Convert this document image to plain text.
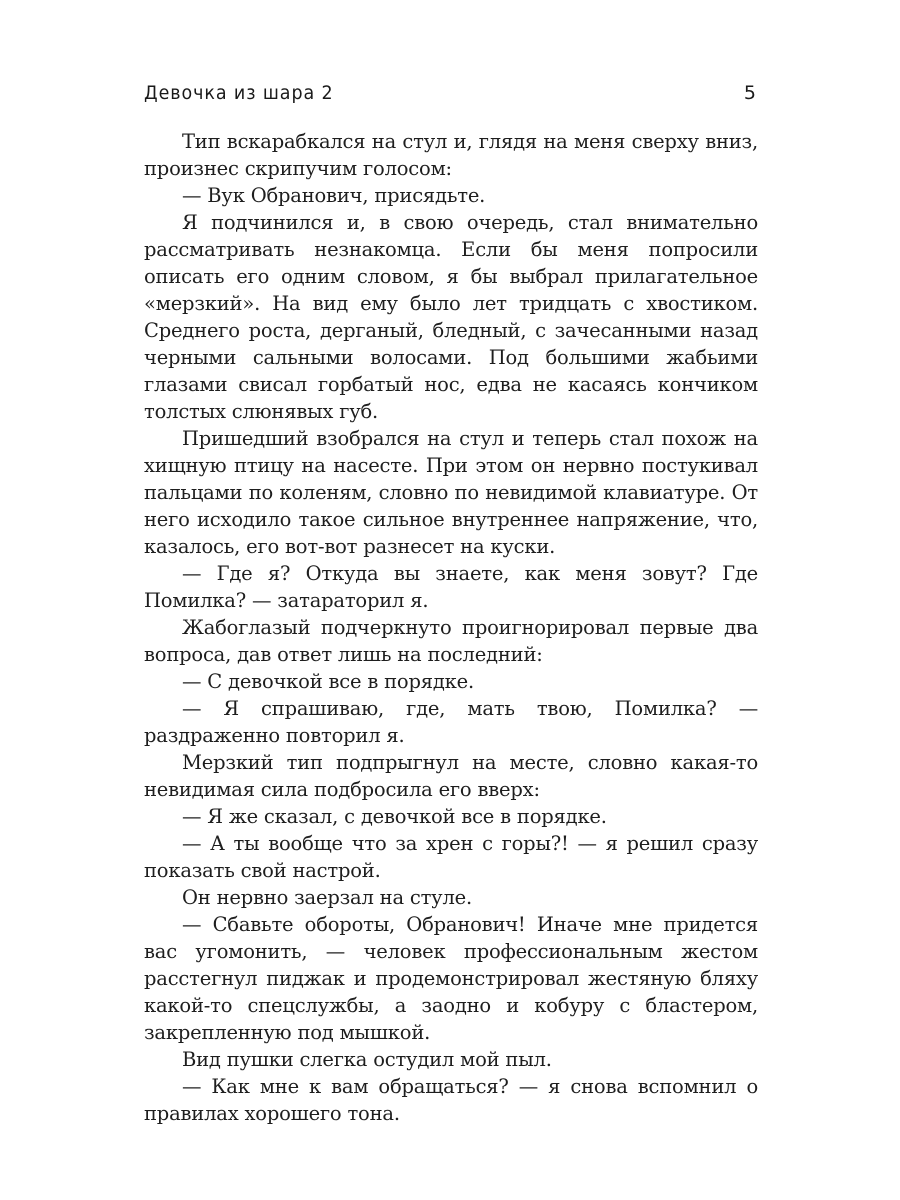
Девочка из шара 2	5

Тип вскарабкался на стул и, глядя на меня сверху вниз, произнес скрипучим голосом:

— Вук Обранович, присядьте.

Я подчинился и, в свою очередь, стал внимательно рассматривать незнакомца. Если бы меня попросили описать его одним словом, я бы выбрал прилагательное «мерзкий». На вид ему было лет тридцать с хвостиком. Среднего роста, дерганый, бледный, с зачесанными назад черными сальными волосами. Под большими жабьими глазами свисал горбатый нос, едва не касаясь кончиком толстых слюнявых губ.

Пришедший взобрался на стул и теперь стал похож на хищную птицу на насесте. При этом он нервно постукивал пальцами по коленям, словно по невидимой клавиатуре. От него исходило такое сильное внутреннее напряжение, что, казалось, его вот-вот разнесет на куски.

— Где я? Откуда вы знаете, как меня зовут? Где Помилка? — затараторил я.

Жабоглазый подчеркнуто проигнорировал первые два вопроса, дав ответ лишь на последний:

— С девочкой все в порядке.

— Я спрашиваю, где, мать твою, Помилка? — раздраженно повторил я.

Мерзкий тип подпрыгнул на месте, словно какая-то невидимая сила подбросила его вверх:

— Я же сказал, с девочкой все в порядке.

— А ты вообще что за хрен с горы?! — я решил сразу показать свой настрой.

Он нервно заерзал на стуле.

— Сбавьте обороты, Обранович! Иначе мне придется вас угомонить, — человек профессиональным жестом расстегнул пиджак и продемонстрировал жестяную бляху какой-то спецслужбы, а заодно и кобуру с бластером, закрепленную под мышкой.

Вид пушки слегка остудил мой пыл.

— Как мне к вам обращаться? — я снова вспомнил о правилах хорошего тона.
